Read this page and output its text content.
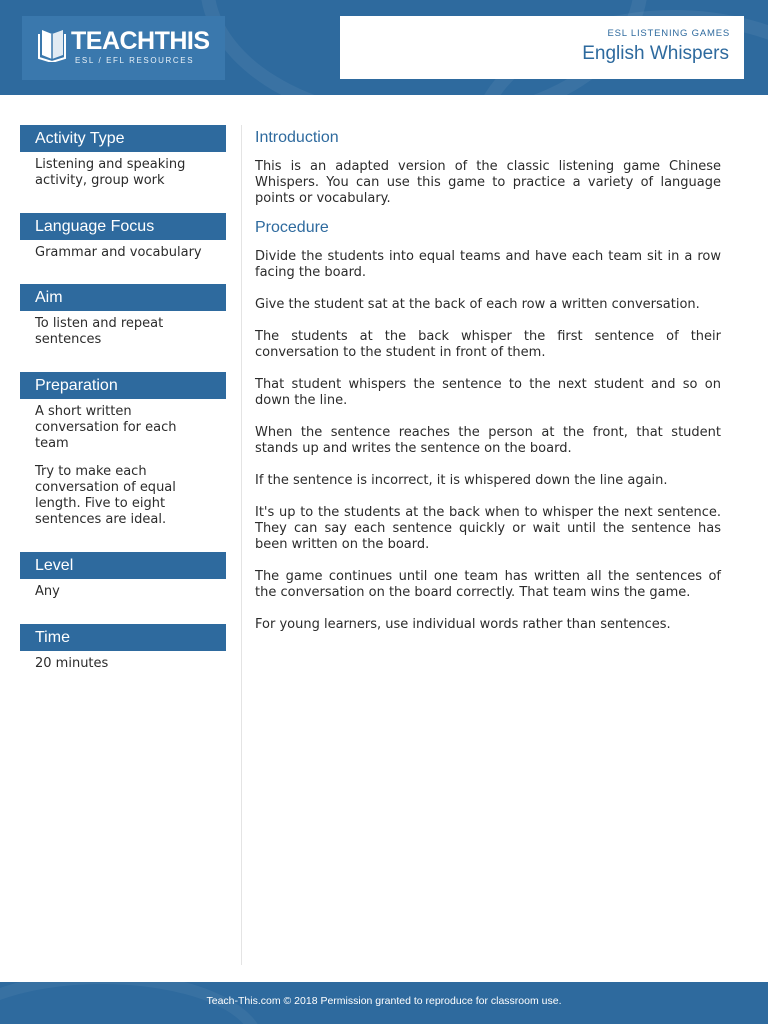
TEACHTHIS
ESL / EFL RESOURCES
ESL LISTENING GAMES
English Whispers
Activity Type

Listening and speaking activity, group work

Language Focus

Grammar and vocabulary

Aim

To listen and repeat sentences

Preparation

A short written conversation for each team

Try to make each conversation of equal length. Five to eight sentences are ideal.

Level

Any

Time

20 minutes

Introduction

This is an adapted version of the classic listening game Chinese Whispers. You can use this game to practice a variety of language points or vocabulary.

Procedure

Divide the students into equal teams and have each team sit in a row facing the board.

Give the student sat at the back of each row a written conversation.

The students at the back whisper the first sentence of their conversation to the student in front of them.

That student whispers the sentence to the next student and so on down the line.

When the sentence reaches the person at the front, that student stands up and writes the sentence on the board.

If the sentence is incorrect, it is whispered down the line again.

It's up to the students at the back when to whisper the next sentence. They can say each sentence quickly or wait until the sentence has been written on the board.

The game continues until one team has written all the sentences of the conversation on the board correctly. That team wins the game.

For young learners, use individual words rather than sentences.

Teach-This.com © 2018 Permission granted to reproduce for classroom use.
